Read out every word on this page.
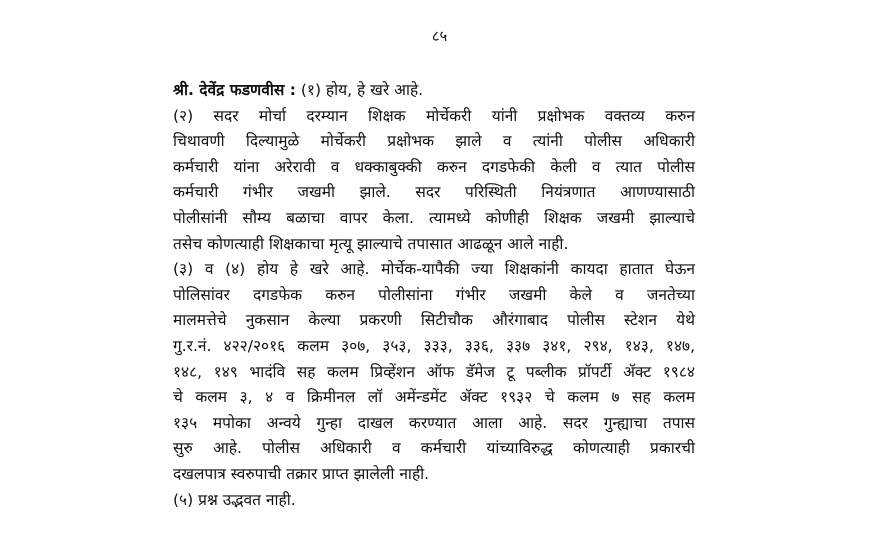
८५
श्री. देवेंद्र फडणवीस : (१) होय, हे खरे आहे.
(२) सदर मोर्चा दरम्यान शिक्षक मोर्चेकरी यांनी प्रक्षोभक वक्तव्य करुन
चिथावणी दिल्यामुळे मोर्चेकरी प्रक्षोभक झाले व त्यांनी पोलीस अधिकारी
कर्मचारी यांना अरेरावी व धक्काबुक्की करुन दगडफेकी केली व त्यात पोलीस
कर्मचारी गंभीर जखमी झाले. सदर परिस्थिती नियंत्रणात आणण्यासाठी
पोलीसांनी सौम्य बळाचा वापर केला. त्यामध्ये कोणीही शिक्षक जखमी झाल्याचे
तसेच कोणत्याही शिक्षकाचा मृत्यू झाल्याचे तपासात आढळून आले नाही.
(३) व (४) होय हे खरे आहे. मोर्चेक-यापैकी ज्या शिक्षकांनी कायदा हातात घेऊन
पोलिसांवर दगडफेक करुन पोलीसांना गंभीर जखमी केले व जनतेच्या
मालमत्तेचे नुकसान केल्या प्रकरणी सिटीचौक औरंगाबाद पोलीस स्टेशन येथे
गु.र.नं. ४२२/२०१६ कलम ३०७, ३५३, ३३३, ३३६, ३३७ ३४१, २९४, १४३, १४७,
१४८, १४९ भादंवि सह कलम प्रिव्हेंशन ऑफ डॅमेज टू पब्लीक प्रॉपर्टी ॲक्ट १९८४
चे कलम ३, ४ व क्रिमीनल लॉ अमेंन्डमेंट ॲक्ट १९३२ चे कलम ७ सह कलम
१३५ मपोका अन्वये गुन्हा दाखल करण्यात आला आहे. सदर गुन्ह्याचा तपास
सुरु आहे. पोलीस अधिकारी व कर्मचारी यांच्याविरुद्ध कोणत्याही प्रकारची
दखलपात्र स्वरुपाची तक्रार प्राप्त झालेली नाही.
(५) प्रश्न उद्भवत नाही.
